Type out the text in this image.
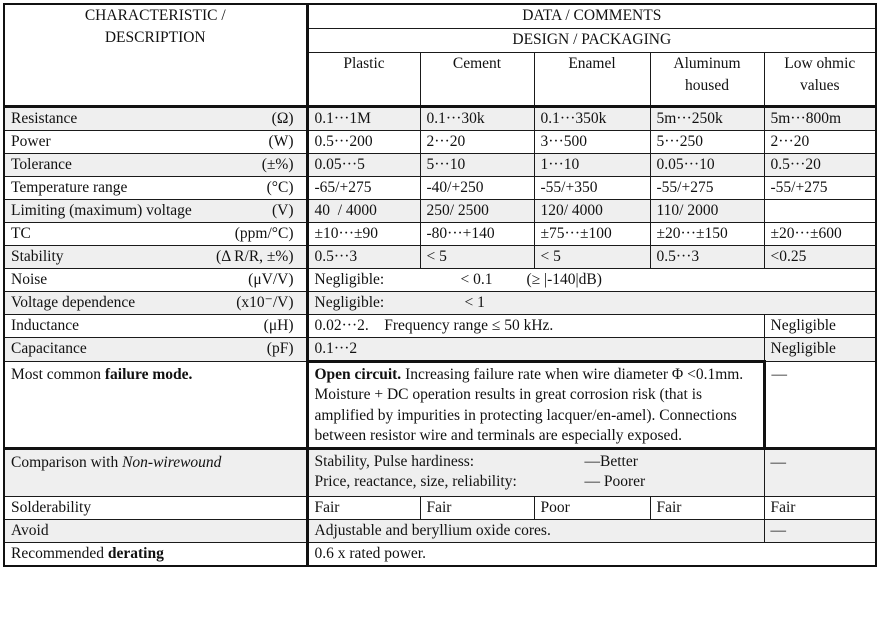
CHARACTERISTIC /
DESCRIPTION	DATA / COMMENTS				
	DESIGN / PACKAGING				
	Plastic	Cement	Enamel	Aluminum housed	Low ohmic values

Resistance (Ω)	0.1···1M	0.1···30k	0.1···350k	5m···250k	5m···800m

Power (W)	0.5···200	2···20	3···500	5···250	2···20

Tolerance (±%)	0.05···5	5···10	1···10	0.05···10	0.5···20

Temperature range (°C)	-65/+275	-40/+250	-55/+350	-55/+275	-55/+275

Limiting (maximum) voltage (V)	40  / 4000	250/ 2500	120/ 4000	110/ 2000	

TC (ppm/°C)	±10···±90	-80···+140	±75···±100	±20···±150	±20···±600

Stability (Δ R/R, ±%)	0.5···3	< 5	< 5	0.5···3	<0.25

Noise (μV/V)	Negligible: < 0.1 (≥ |-140|dB)				

Voltage dependence (x10⁻/V)	Negligible: < 1				

Inductance (μH)	0.02···2.    Frequency range ≤ 50 kHz.				Negligible

Capacitance (pF)	0.1···2				Negligible
Most common failure mode.	Open circuit. Increasing failure rate when wire diameter Φ <0.1mm. Moisture + DC operation results in great corrosion risk (that is amplified by impurities in protecting lacquer/en-amel). Connections between resistor wire and terminals are especially exposed.				—
Comparison with Non-wirewound	Stability, Pulse hardiness: —Better
Price, reactance, size, reliability: — Poorer				—
Solderability	Fair	Fair	Poor	Fair	Fair
Avoid	Adjustable and beryllium oxide cores.				—
Recommended derating	0.6 x rated power.				
